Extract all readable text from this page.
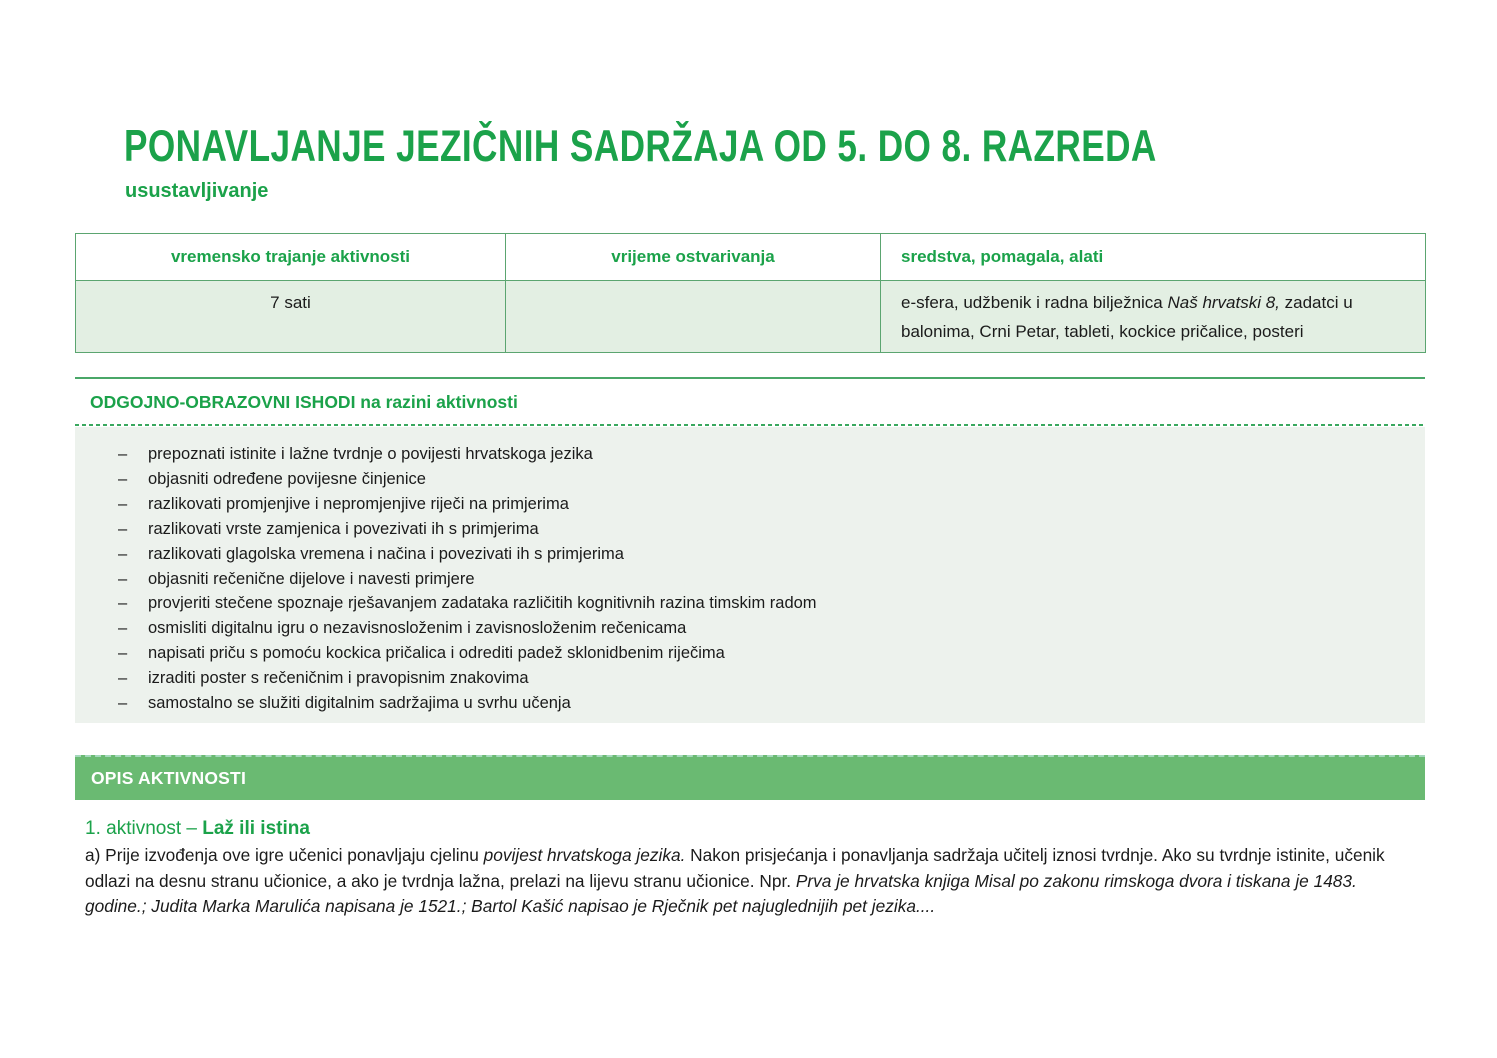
PONAVLJANJE JEZIČNIH SADRŽAJA OD 5. DO 8. RAZREDA
usustavljivanje
vremensko trajanje aktivnosti	vrijeme ostvarivanja	sredstva, pomagala, alati
7 sati		e-sfera, udžbenik i radna bilježnica Naš hrvatski 8, zadatci u balonima, Crni Petar, tableti, kockice pričalice, posteri
ODGOJNO-OBRAZOVNI ISHODI na razini aktivnosti
–	prepoznati istinite i lažne tvrdnje o povijesti hrvatskoga jezika
–	objasniti određene povijesne činjenice
–	razlikovati promjenjive i nepromjenjive riječi na primjerima
–	razlikovati vrste zamjenica i povezivati ih s primjerima
–	razlikovati glagolska vremena i načina i povezivati ih s primjerima
–	objasniti rečenične dijelove i navesti primjere
–	provjeriti stečene spoznaje rješavanjem zadataka različitih kognitivnih razina timskim radom
–	osmisliti digitalnu igru o nezavisnosloženim i zavisnosloženim rečenicama
–	napisati priču s pomoću kockica pričalica i odrediti padež sklonidbenim riječima
–	izraditi poster s rečeničnim i pravopisnim znakovima
–	samostalno se služiti digitalnim sadržajima u svrhu učenja
OPIS AKTIVNOSTI
1. aktivnost – Laž ili istina
a) Prije izvođenja ove igre učenici ponavljaju cjelinu povijest hrvatskoga jezika. Nakon prisjećanja i ponavljanja sadržaja učitelj iznosi tvrdnje. Ako su tvrdnje istinite, učenik odlazi na desnu stranu učionice, a ako je tvrdnja lažna, prelazi na lijevu stranu učionice. Npr. Prva je hrvatska knjiga Misal po zakonu rimskoga dvora i tiskana je 1483. godine.; Judita Marka Marulića napisana je 1521.; Bartol Kašić napisao je Rječnik pet najuglednijih pet jezika....
